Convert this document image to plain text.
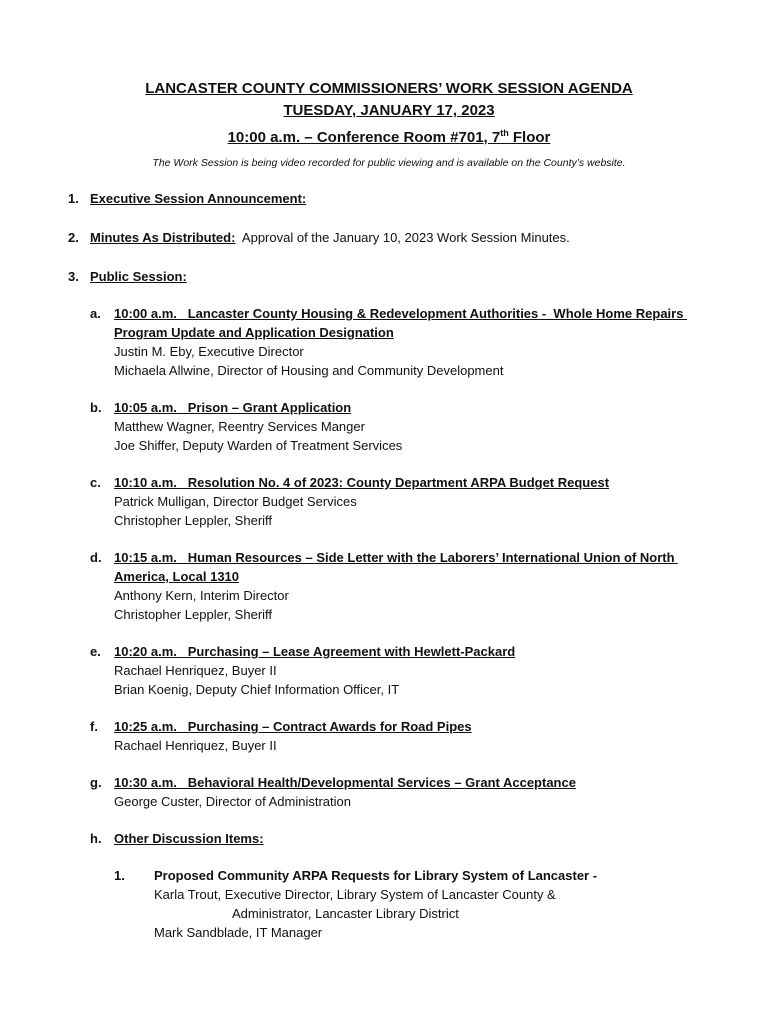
LANCASTER COUNTY COMMISSIONERS’ WORK SESSION AGENDA

TUESDAY, JANUARY 17, 2023

10:00 a.m. – Conference Room #701, 7th Floor

The Work Session is being video recorded for public viewing and is available on the County’s website.
1. Executive Session Announcement:
2. Minutes As Distributed:  Approval of the January 10, 2023 Work Session Minutes.
3. Public Session:
a.	10:00 a.m.   Lancaster County Housing & Redevelopment Authorities -  Whole Home Repairs Program Update and Application Designation
Justin M. Eby, Executive Director
Michaela Allwine, Director of Housing and Community Development
b. 10:05 a.m.   Prison – Grant Application
Matthew Wagner, Reentry Services Manger
Joe Shiffer, Deputy Warden of Treatment Services
c.	10:10 a.m.   Resolution No. 4 of 2023: County Department ARPA Budget Request
Patrick Mulligan, Director Budget Services
Christopher Leppler, Sheriff
d. 10:15 a.m.   Human Resources – Side Letter with the Laborers’ International Union of North America, Local 1310
Anthony Kern, Interim Director
Christopher Leppler, Sheriff
e.	10:20 a.m.   Purchasing – Lease Agreement with Hewlett-Packard
Rachael Henriquez, Buyer II
Brian Koenig, Deputy Chief Information Officer, IT
f.	10:25 a.m.   Purchasing – Contract Awards for Road Pipes
Rachael Henriquez, Buyer II
g. 10:30 a.m.   Behavioral Health/Developmental Services – Grant Acceptance
George Custer, Director of Administration
h. Other Discussion Items:
1.	Proposed Community ARPA Requests for Library System of Lancaster -
Karla Trout, Executive Director, Library System of Lancaster County &
Administrator, Lancaster Library District
Mark Sandblade, IT Manager
